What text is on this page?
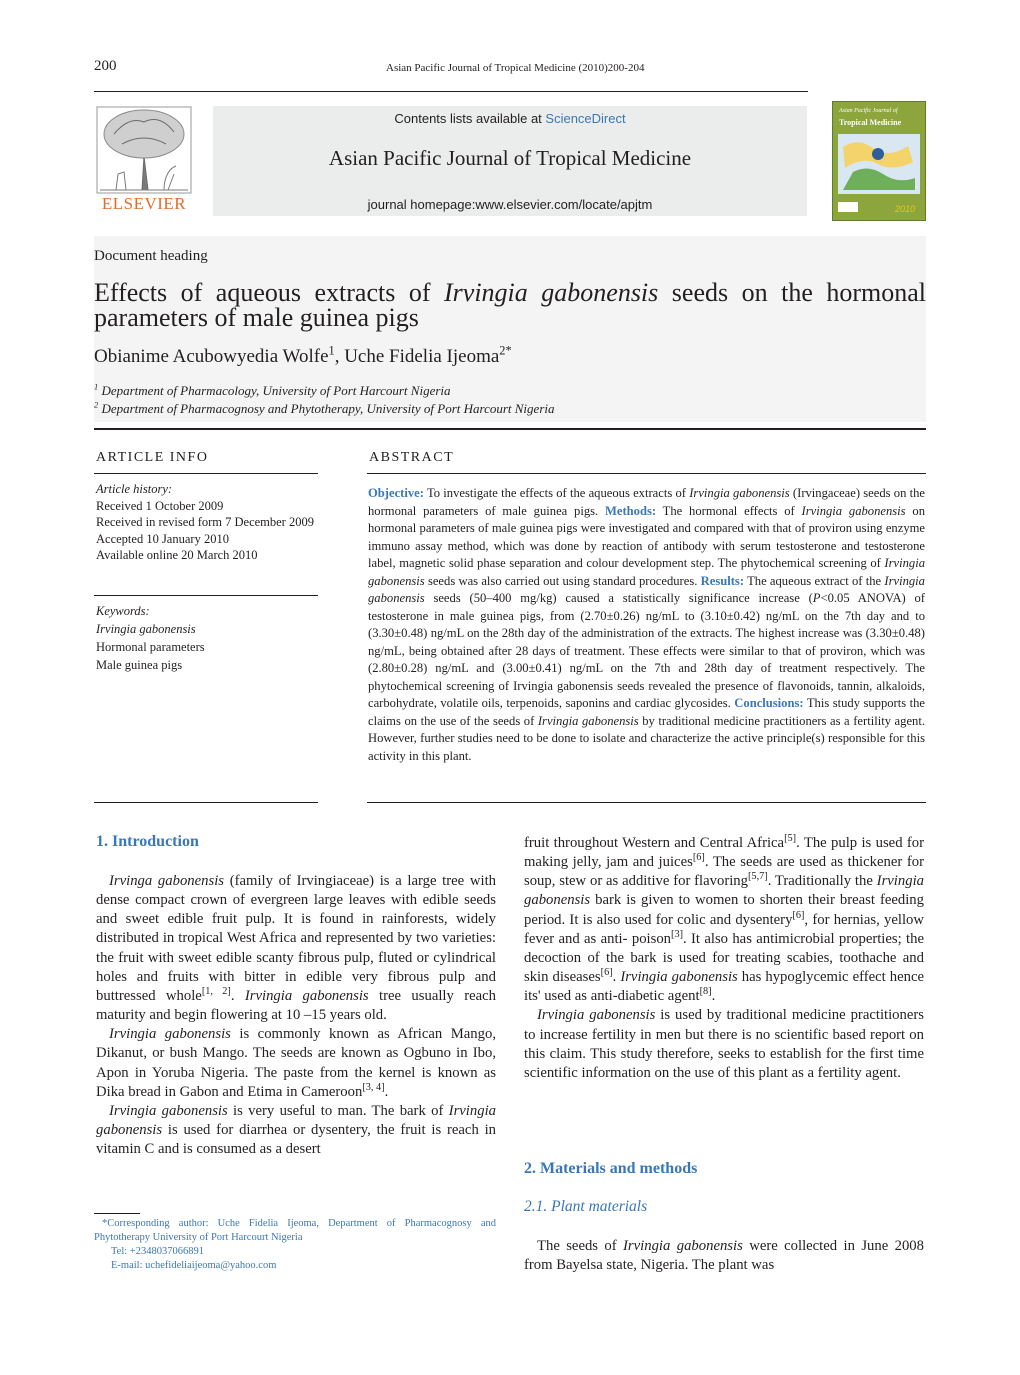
200	Asian Pacific Journal of Tropical Medicine (2010)200-204
ELSEVIER
Contents lists available at ScienceDirect
Asian Pacific Journal of Tropical Medicine
journal homepage:www.elsevier.com/locate/apjtm
Asian Pacific Journal of
Tropical Medicine
2010
Document heading
Effects of aqueous extracts of Irvingia gabonensis seeds on the hormonal parameters of male guinea pigs
Obianime Acubowyedia Wolfe$^1$, Uche Fidelia Ijeoma$^{2*}$
$^1$ Department of Pharmacology, University of Port Harcourt Nigeria
$^2$ Department of Pharmacognosy and Phytotherapy, University of Port Harcourt Nigeria
ARTICLE INFO
Article history:
Received 1 October 2009
Received in revised form 7 December 2009
Accepted 10 January 2010
Available online 20 March 2010
Keywords:
Irvingia gabonensis
Hormonal parameters
Male guinea pigs
ABSTRACT
Objective: To investigate the effects of the aqueous extracts of Irvingia gabonensis (Irvingaceae) seeds on the hormonal parameters of male guinea pigs. Methods: The hormonal effects of Irvingia gabonensis on hormonal parameters of male guinea pigs were investigated and compared with that of proviron using enzyme immuno assay method, which was done by reaction of antibody with serum testosterone and testosterone label, magnetic solid phase separation and colour development step. The phytochemical screening of Irvingia gabonensis seeds was also carried out using standard procedures. Results: The aqueous extract of the Irvingia gabonensis seeds (50–400 mg/kg) caused a statistically significance increase (P<0.05 ANOVA) of testosterone in male guinea pigs, from (2.70±0.26) ng/mL to (3.10±0.42) ng/mL on the 7th day and to (3.30±0.48) ng/mL on the 28th day of the administration of the extracts. The highest increase was (3.30±0.48) ng/mL, being obtained after 28 days of treatment. These effects were similar to that of proviron, which was (2.80±0.28) ng/mL and (3.00±0.41) ng/mL on the 7th and 28th day of treatment respectively. The phytochemical screening of Irvingia gabonensis seeds revealed the presence of flavonoids, tannin, alkaloids, carbohydrate, volatile oils, terpenoids, saponins and cardiac glycosides. Conclusions: This study supports the claims on the use of the seeds of Irvingia gabonensis by traditional medicine practitioners as a fertility agent. However, further studies need to be done to isolate and characterize the active principle(s) responsible for this activity in this plant.
1. Introduction

Irvinga gabonensis (family of Irvingiaceae) is a large tree with dense compact crown of evergreen large leaves with edible seeds and sweet edible fruit pulp. It is found in rainforests, widely distributed in tropical West Africa and represented by two varieties: the fruit with sweet edible scanty fibrous pulp, fluted or cylindrical holes and fruits with bitter in edible very fibrous pulp and buttressed whole[1, 2]. Irvingia gabonensis tree usually reach maturity and begin flowering at 10 –15 years old.

Irvingia gabonensis is commonly known as African Mango, Dikanut, or bush Mango. The seeds are known as Ogbuno in Ibo, Apon in Yoruba Nigeria. The paste from the kernel is known as Dika bread in Gabon and Etima in Cameroon[3, 4].

Irvingia gabonensis is very useful to man. The bark of Irvingia gabonensis is used for diarrhea or dysentery, the fruit is reach in vitamin C and is consumed as a desert

*Corresponding author: Uche Fidelia Ijeoma, Department of Pharmacognosy and Phytotherapy University of Port Harcourt Nigeria
Tel: +2348037066891
E-mail: uchefideliaijeoma@yahoo.com

fruit throughout Western and Central Africa[5]. The pulp is used for making jelly, jam and juices[6]. The seeds are used as thickener for soup, stew or as additive for flavoring[5,7]. Traditionally the Irvingia gabonensis bark is given to women to shorten their breast feeding period. It is also used for colic and dysentery[6], for hernias, yellow fever and as anti- poison[3]. It also has antimicrobial properties; the decoction of the bark is used for treating scabies, toothache and skin diseases[6]. Irvingia gabonensis has hypoglycemic effect hence its' used as anti-diabetic agent[8].

Irvingia gabonensis is used by traditional medicine practitioners to increase fertility in men but there is no scientific based report on this claim. This study therefore, seeks to establish for the first time scientific information on the use of this plant as a fertility agent.

2. Materials and methods
2.1. Plant materials

The seeds of Irvingia gabonensis were collected in June 2008 from Bayelsa state, Nigeria. The plant was
